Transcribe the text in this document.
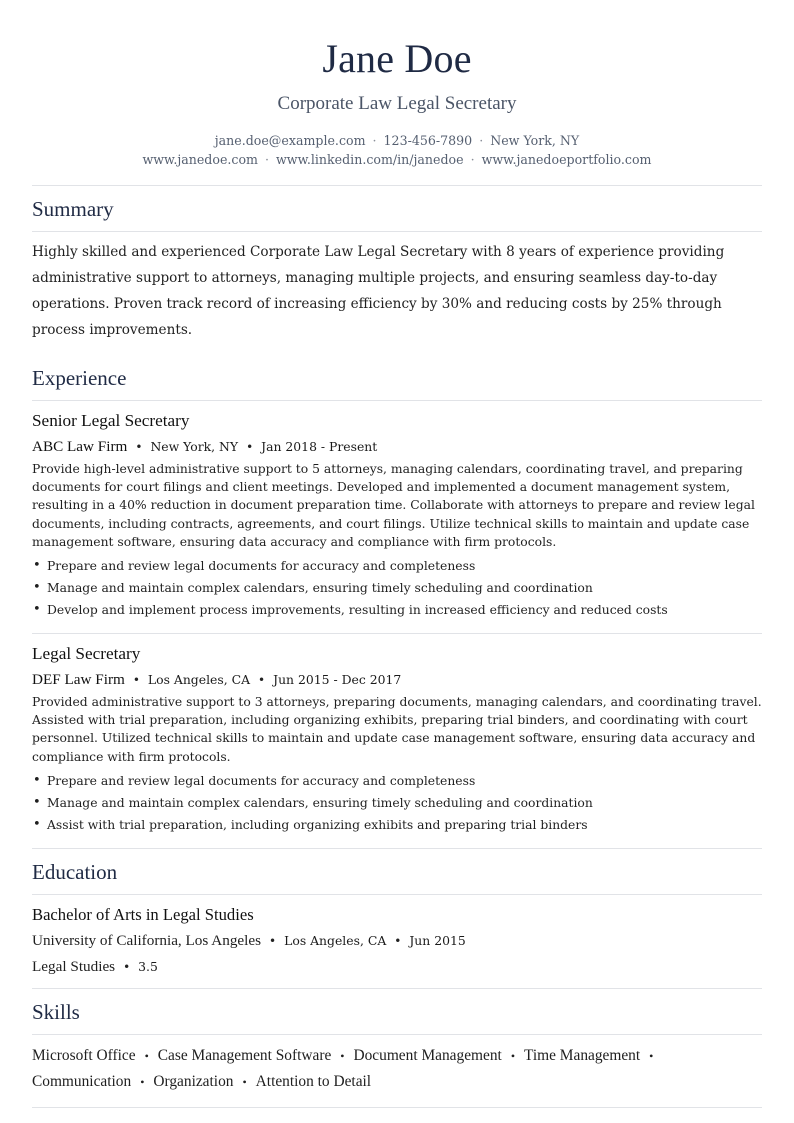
Jane Doe
Corporate Law Legal Secretary
jane.doe@example.com · 123-456-7890 · New York, NY
www.janedoe.com · www.linkedin.com/in/janedoe · www.janedoeportfolio.com
Summary
Highly skilled and experienced Corporate Law Legal Secretary with 8 years of experience providing administrative support to attorneys, managing multiple projects, and ensuring seamless day-to-day operations. Proven track record of increasing efficiency by 30% and reducing costs by 25% through process improvements.
Experience
Senior Legal Secretary
ABC Law Firm • New York, NY • Jan 2018 - Present
Provide high-level administrative support to 5 attorneys, managing calendars, coordinating travel, and preparing documents for court filings and client meetings. Developed and implemented a document management system, resulting in a 40% reduction in document preparation time. Collaborate with attorneys to prepare and review legal documents, including contracts, agreements, and court filings. Utilize technical skills to maintain and update case management software, ensuring data accuracy and compliance with firm protocols.
• Prepare and review legal documents for accuracy and completeness
• Manage and maintain complex calendars, ensuring timely scheduling and coordination
• Develop and implement process improvements, resulting in increased efficiency and reduced costs
Legal Secretary
DEF Law Firm • Los Angeles, CA • Jun 2015 - Dec 2017
Provided administrative support to 3 attorneys, preparing documents, managing calendars, and coordinating travel. Assisted with trial preparation, including organizing exhibits, preparing trial binders, and coordinating with court personnel. Utilized technical skills to maintain and update case management software, ensuring data accuracy and compliance with firm protocols.
• Prepare and review legal documents for accuracy and completeness
• Manage and maintain complex calendars, ensuring timely scheduling and coordination
• Assist with trial preparation, including organizing exhibits and preparing trial binders
Education
Bachelor of Arts in Legal Studies
University of California, Los Angeles • Los Angeles, CA • Jun 2015
Legal Studies • 3.5
Skills
Microsoft Office • Case Management Software • Document Management • Time Management •
Communication • Organization • Attention to Detail
